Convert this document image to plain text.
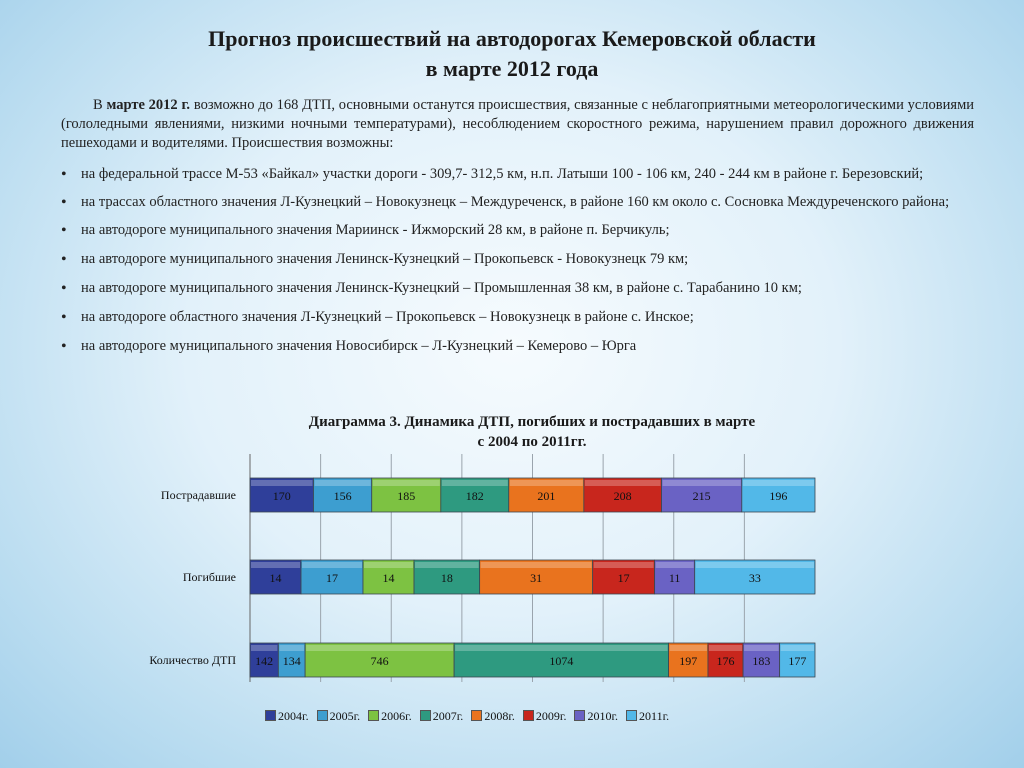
Прогноз происшествий на автодорогах Кемеровской области
в марте 2012 года
В марте 2012 г. возможно до 168 ДТП, основными останутся происшествия, связанные с неблагоприятными метеорологическими условиями (гололедными явлениями, низкими ночными температурами), несоблюдением скоростного режима, нарушением правил дорожного движения пешеходами и водителями. Происшествия возможны:
• на федеральной трассе М-53 «Байкал» участки дороги - 309,7- 312,5 км, н.п. Латыши 100 - 106 км, 240 - 244 км в районе г. Березовский;
• на трассах областного значения Л-Кузнецкий – Новокузнецк – Междуреченск, в районе 160 км около с. Сосновка Междуреченского района;
• на автодороге муниципального значения Мариинск - Ижморский 28 км, в районе п. Берчикуль;
• на автодороге муниципального значения Ленинск-Кузнецкий – Прокопьевск - Новокузнецк 79 км;
• на автодороге муниципального значения Ленинск-Кузнецкий – Промышленная 38 км, в районе с. Тарабанино 10 км;
• на автодороге областного значения Л-Кузнецкий – Прокопьевск – Новокузнецк в районе с. Инское;
• на автодороге муниципального значения Новосибирск – Л-Кузнецкий – Кемерово – Юрга
Диаграмма 3. Динамика ДТП, погибших и пострадавших в марте
с 2004 по 2011гг.
Пострадавшие	170	156	185	182	201	208	215	196
Погибшие	14	17	14	18	31	17	11	33
Количество ДТП 142 134	746	1074	197 176 183 177
2004г. 2005г. 2006г. 2007г. 2008г. 2009г. 2010г. 2011г.
